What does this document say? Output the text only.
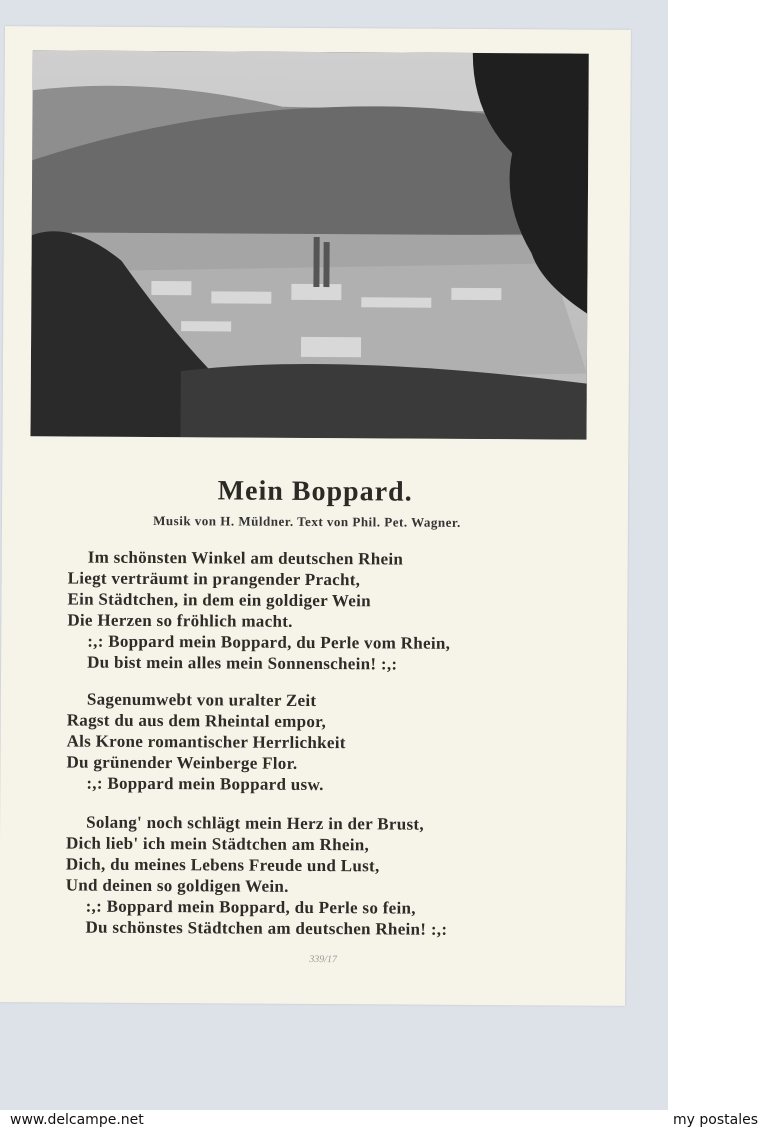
Mein Boppard.
Musik von H. Müldner. Text von Phil. Pet. Wagner.
Im schönsten Winkel am deutschen Rhein
Liegt verträumt in prangender Pracht,
Ein Städtchen, in dem ein goldiger Wein
Die Herzen so fröhlich macht.
:,: Boppard mein Boppard, du Perle vom Rhein,
Du bist mein alles mein Sonnenschein! :,:
Sagenumwebt von uralter Zeit
Ragst du aus dem Rheintal empor,
Als Krone romantischer Herrlichkeit
Du grünender Weinberge Flor.
:,: Boppard mein Boppard usw.
Solang' noch schlägt mein Herz in der Brust,
Dich lieb' ich mein Städtchen am Rhein,
Dich, du meines Lebens Freude und Lust,
Und deinen so goldigen Wein.
:,: Boppard mein Boppard, du Perle so fein,
Du schönstes Städtchen am deutschen Rhein! :,:
339/17
www.delcampe.net	my postales
